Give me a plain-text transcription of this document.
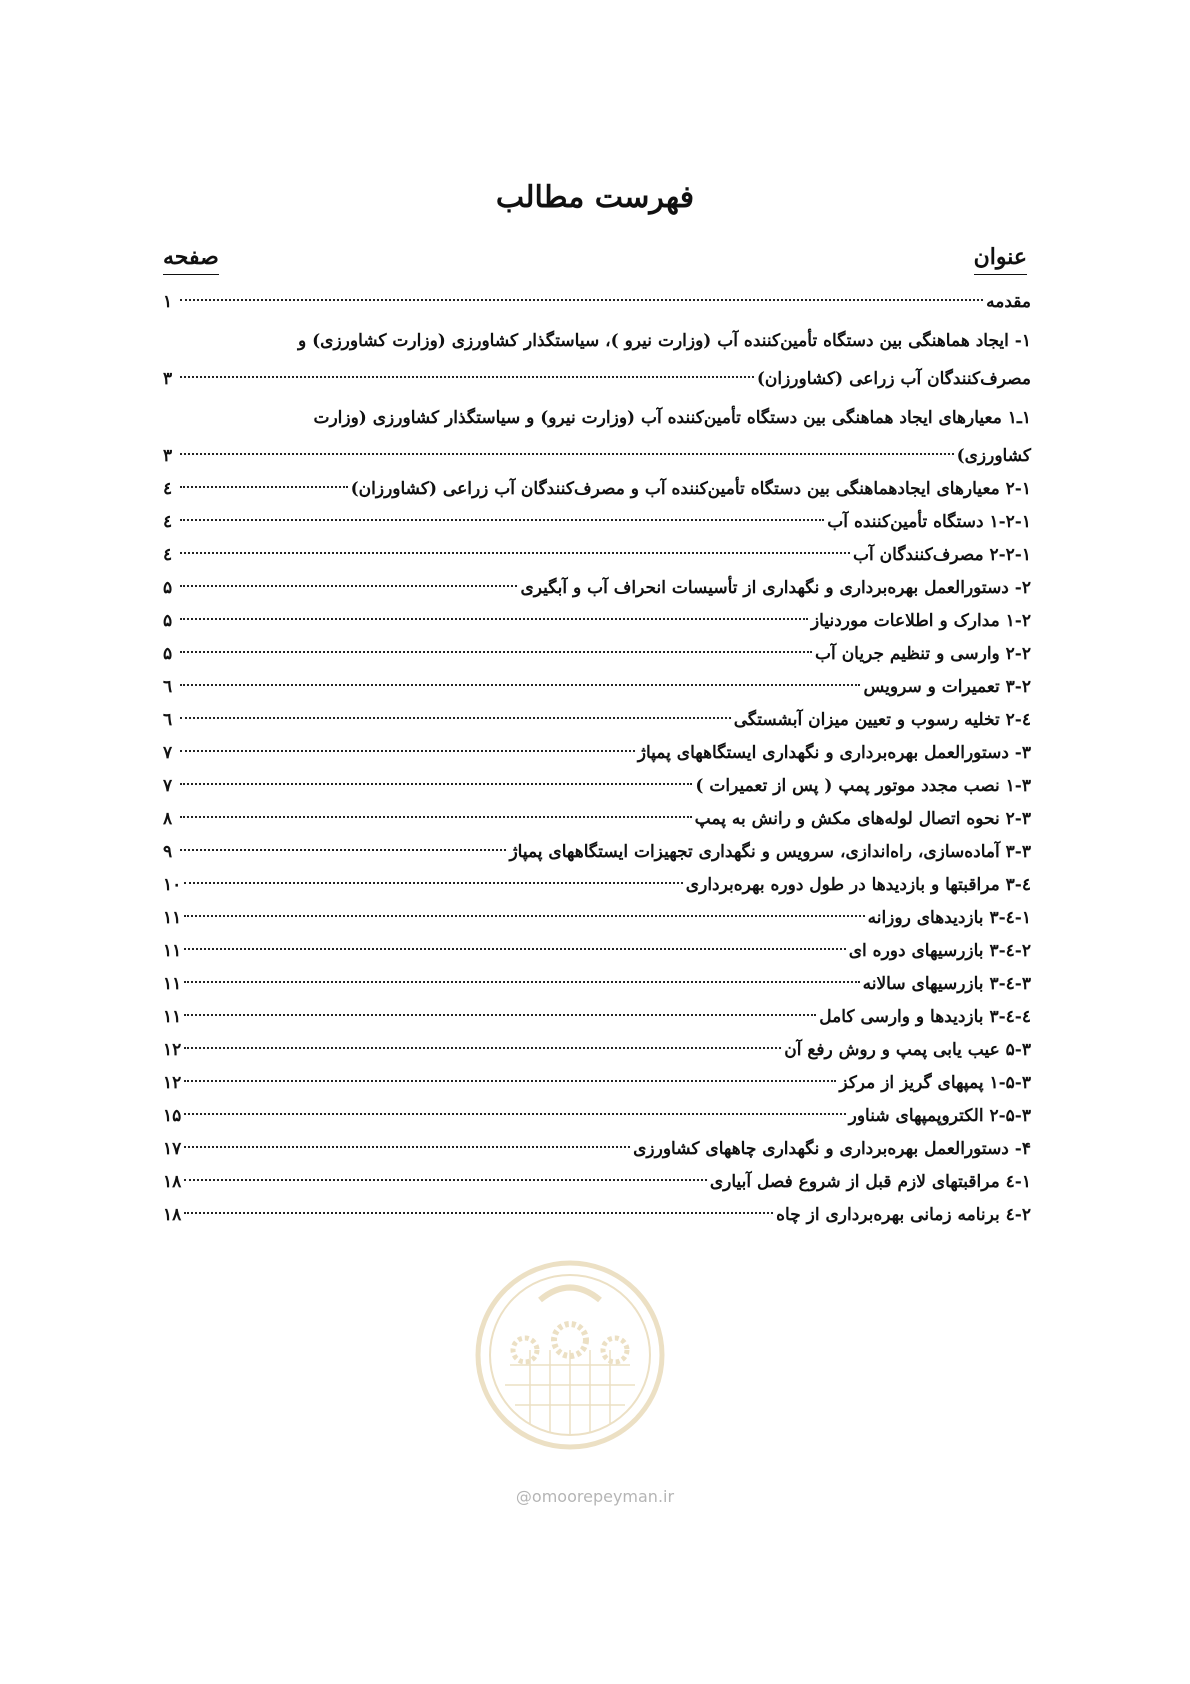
فهرست مطالب
عنوان
صفحه
مقدمه
۱
۱- ایجاد هماهنگی بین دستگاه تأمین‌کننده آب (وزارت نیرو )، سیاستگذار کشاورزی (وزارت کشاورزی) و
مصرف‌کنندگان آب زراعی (کشاورزان)
۳
۱ـ۱ معیارهای ایجاد هماهنگی بین دستگاه تأمین‌کننده آب (وزارت نیرو) و سیاستگذار کشاورزی (وزارت
کشاورزی)
۳
۲-۱ معیارهای ایجادهماهنگی بین دستگاه تأمین‌کننده آب و مصرف‌کنندگان آب زراعی (کشاورزان)
٤
۱-۲-۱ دستگاه تأمین‌کننده آب
٤
۲-۲-۱ مصرف‌کنندگان آب
٤
۲- دستورالعمل بهره‌برداری و نگهداری از تأسیسات انحراف آب و آبگیری
۵
۱-۲ مدارک و اطلاعات موردنیاز
۵
۲-۲ وارسی و تنظیم جریان آب
۵
۳-۲ تعمیرات و سرویس
٦
٤-۲ تخلیه رسوب و تعیین میزان آبشستگی
٦
۳- دستورالعمل بهره‌برداری و نگهداری ایستگاههای پمپاژ
۷
۱-۳ نصب مجدد موتور پمپ ( پس از تعمیرات )
۷
۲-۳ نحوه اتصال لوله‌های مکش و رانش به پمپ
۸
۳-۳ آماده‌سازی، راه‌اندازی، سرویس و نگهداری تجهیزات ایستگاههای پمپاژ
۹
٤-۳ مراقبتها و بازدیدها در طول دوره بهره‌برداری
۱۰
۱-٤-۳ بازدیدهای روزانه
۱۱
۲-٤-۳ بازرسیهای دوره ای
۱۱
۳-٤-۳ بازرسیهای سالانه
۱۱
٤-٤-۳ بازدیدها و وارسی کامل
۱۱
۵-۳ عیب یابی پمپ و روش رفع آن
۱۲
۱-۵-۳ پمپهای گریز از مرکز
۱۲
۲-۵-۳ الکتروپمپهای شناور
۱۵
۴- دستورالعمل بهره‌برداری و نگهداری چاههای کشاورزی
۱۷
۱-٤ مراقبتهای لازم قبل از شروع فصل آبیاری
۱۸
۲-٤ برنامه زمانی بهره‌برداری از چاه
۱۸
@omoorepeyman.ir
